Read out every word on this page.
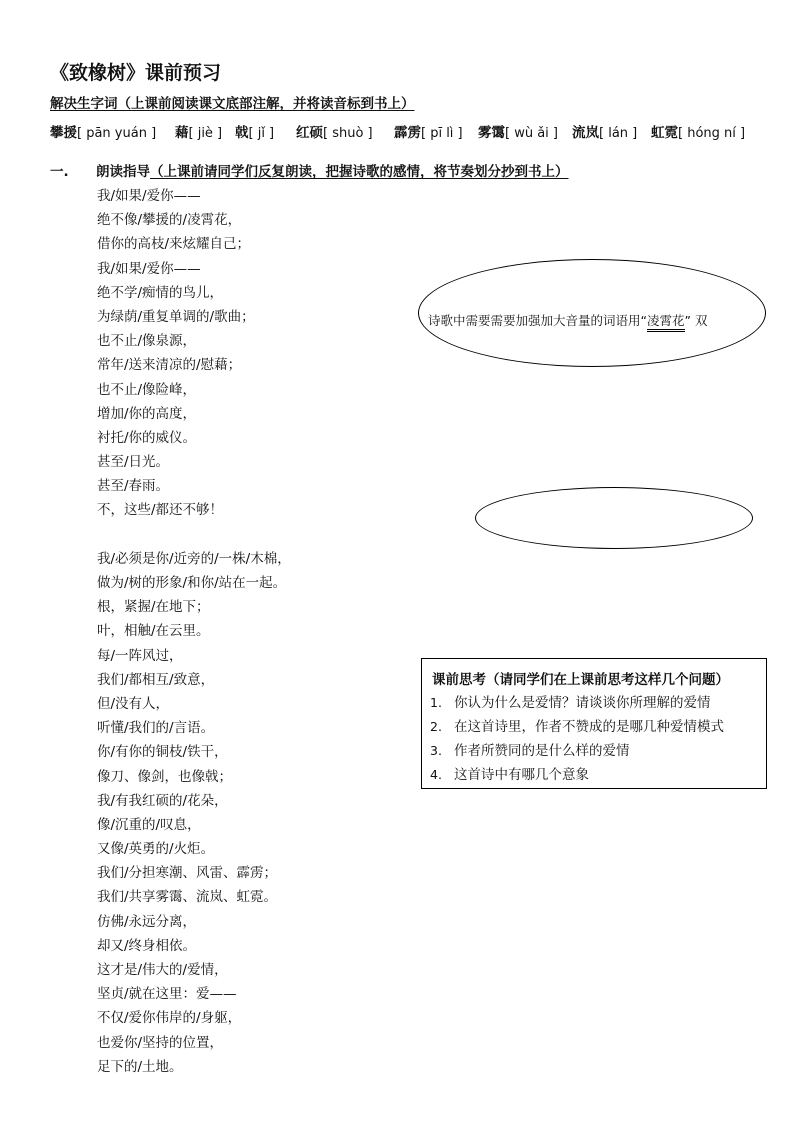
《致橡树》课前预习
解决生字词（上课前阅读课文底部注解，并将读音标到书上）
攀援[ pān yuán ] 藉[ jiè ] 戟[ jǐ ] 红硕[ shuò ] 霹雳[ pī lì ] 雾霭[ wù ǎi ] 流岚[ lán ] 虹霓[ hóng ní ]
一. 朗读指导（上课前请同学们反复朗读，把握诗歌的感情，将节奏划分抄到书上）
我/如果/爱你——
绝不像/攀援的/凌霄花，
借你的高枝/来炫耀自己；
我/如果/爱你——
绝不学/痴情的鸟儿，
为绿荫/重复单调的/歌曲；
也不止/像泉源，
常年/送来清凉的/慰藉；
也不止/像险峰，
增加/你的高度，
衬托/你的威仪。
甚至/日光。
甚至/春雨。
不，这些/都还不够！
我/必须是你/近旁的/一株/木棉，
做为/树的形象/和你/站在一起。
根，紧握/在地下；
叶，相触/在云里。
每/一阵风过，
我们/都相互/致意，
但/没有人，
听懂/我们的/言语。
你/有你的铜枝/铁干，
像刀、像剑，也像戟；
我/有我红硕的/花朵，
像/沉重的/叹息，
又像/英勇的/火炬。
我们/分担寒潮、风雷、霹雳；
我们/共享雾霭、流岚、虹霓。
仿佛/永远分离，
却又/终身相依。
这才是/伟大的/爱情，
坚贞/就在这里：爱——
不仅/爱你伟岸的/身躯，
也爱你/坚持的位置，
足下的/土地。
诗歌中需要需要加强加大音量的词语用“凌霄花” 双
下划线标出
课前思考（请同学们在上课前思考这样几个问题）
1. 你认为什么是爱情？请谈谈你所理解的爱情
2. 在这首诗里，作者不赞成的是哪几种爱情模式
3. 作者所赞同的是什么样的爱情
4. 这首诗中有哪几个意象
